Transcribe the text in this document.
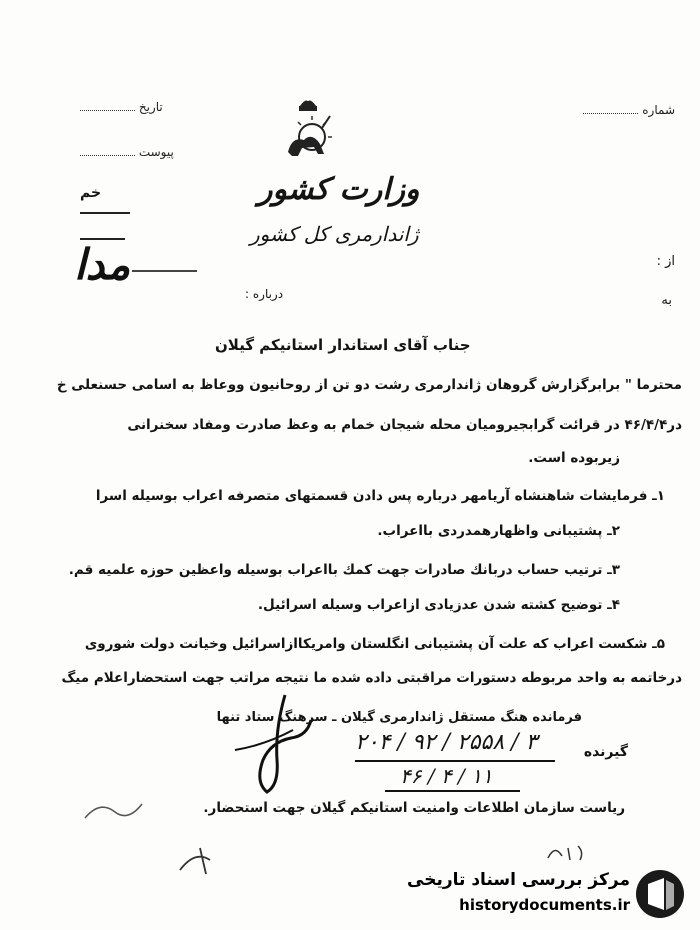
تاریخ
پیوست
خم
شماره
از :
به
وزارت کشور
ژاندارمری کل کشور
مدا
درباره :
جناب آقای استاندار استانیکم گیلان
محترما " برابرگزارش گروهان ژاندارمری رشت دو تن از روحانیون ووعاظ به اسامی حسنعلی خ
در۴۶/۴/۴ در قرائت گرابجیروميان محله شيجان خمام به وعظ صادرت ومفاد سخنرانی
زیربوده است.
۱ـ فرمایشات شاهنشاه آریامهر درباره پس دادن قسمتهای متصرفه اعراب بوسیله اسرا
۲ـ پشتیبانی واظهارهمدردی بااعراب.
۳ـ ترتیب حساب دربانك صادرات جهت کمك بااعراب بوسیله واعظین حوزه علمیه قم.
۴ـ توضیح کشته شدن عدزیادی ازاعراب وسیله اسرائیل.
۵ـ شکست اعراب که علت آن پشتیبانی انگلستان وامریکاازاسرائیل وخیانت دولت شوروی
درخاتمه به واحد مربوطه دستورات مراقبتی داده شده ما نتیجه مراتب جهت استحضاراعلام میگ
فرمانده هنگ مستقل ژاندارمری گیلان ـ سرهنگ ستاد تنها
گیرنده
۲۰۴ / ۹۲ / ۲۵۵۸ / ۳
۴۶ / ۴ / ۱۱
ریاست سازمان اطلاعات وامنیت استانیکم گیلان جهت استحضار.
مرکز بررسی اسناد تاریخی
historydocuments.ir
